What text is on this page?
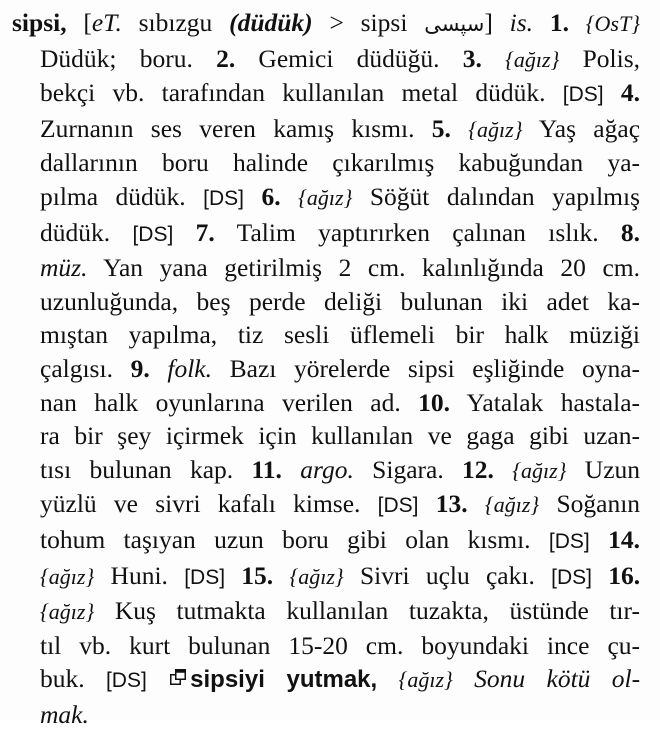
sipsi, [eT. sıbızgu (düdük) > sipsi سپسی] is. 1. {OsT}
Düdük; boru. 2. Gemici düdüğü. 3. {ağız} Polis,
bekçi vb. tarafından kullanılan metal düdük. [DS] 4.
Zurnanın ses veren kamış kısmı. 5. {ağız} Yaş ağaç
dallarının boru halinde çıkarılmış kabuğundan ya-
pılma düdük. [DS] 6. {ağız} Söğüt dalından yapılmış
düdük. [DS] 7. Talim yaptırırken çalınan ıslık. 8.
müz. Yan yana getirilmiş 2 cm. kalınlığında 20 cm.
uzunluğunda, beş perde deliği bulunan iki adet ka-
mıştan yapılma, tiz sesli üflemeli bir halk müziği
çalgısı. 9. folk. Bazı yörelerde sipsi eşliğinde oyna-
nan halk oyunlarına verilen ad. 10. Yatalak hastala-
ra bir şey içirmek için kullanılan ve gaga gibi uzan-
tısı bulunan kap. 11. argo. Sigara. 12. {ağız} Uzun
yüzlü ve sivri kafalı kimse. [DS] 13. {ağız} Soğanın
tohum taşıyan uzun boru gibi olan kısmı. [DS] 14.
{ağız} Huni. [DS] 15. {ağız} Sivri uçlu çakı. [DS] 16.
{ağız} Kuş tutmakta kullanılan tuzakta, üstünde tır-
tıl vb. kurt bulunan 15-20 cm. boyundaki ince çu-
buk. [DS] sipsiyi yutmak, {ağız} Sonu kötü ol-
mak.
